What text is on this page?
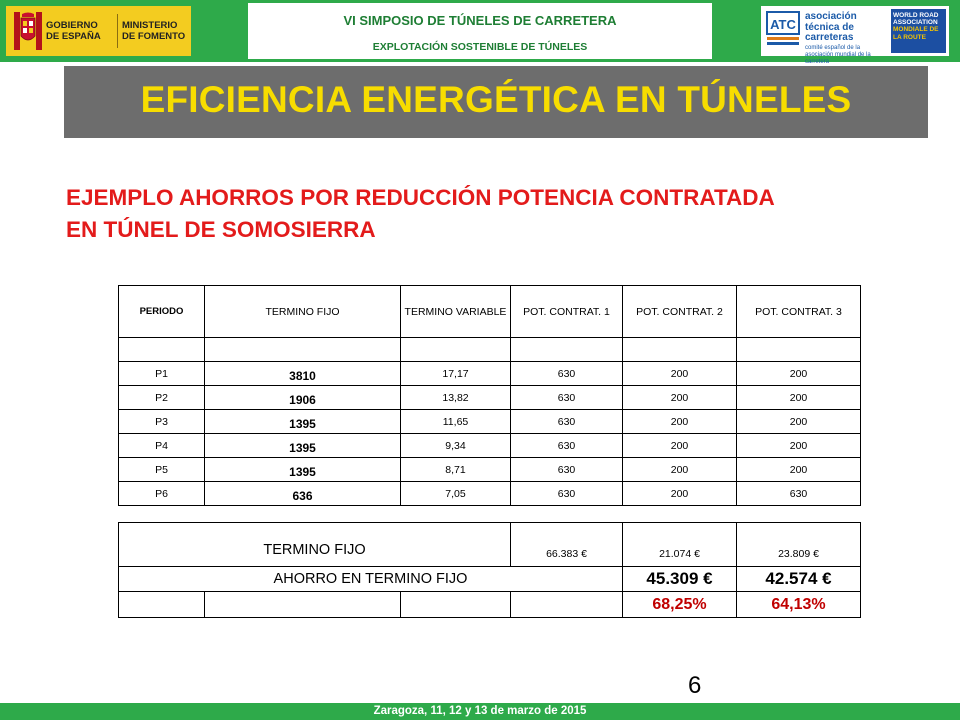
GOBIERNO DE ESPAÑA
MINISTERIO DE FOMENTO
VI SIMPOSIO DE TÚNELES DE CARRETERA
EXPLOTACIÓN SOSTENIBLE DE TÚNELES
ATC
asociación técnica de carreteras
comité español de la asociación mundial de la carretera
WORLD ROAD ASSOCIATION
MONDIALE DE LA ROUTE
EFICIENCIA ENERGÉTICA EN TÚNELES
EJEMPLO AHORROS POR REDUCCIÓN POTENCIA CONTRATADA
EN TÚNEL DE SOMOSIERRA
PERIODO	TERMINO FIJO	TERMINO VARIABLE	POT. CONTRAT. 1	POT. CONTRAT. 2	POT. CONTRAT. 3

P1	3810	17,17	630	200	200
P2	1906	13,82	630	200	200
P3	1395	11,65	630	200	200
P4	1395	9,34	630	200	200
P5	1395	8,71	630	200	200
P6	636	7,05	630	200	630
TERMINO FIJO			66.383 €	21.074 €	23.809 €
AHORRO EN TERMINO FIJO				45.309 €	42.574 €
				68,25%	64,13%
6
Zaragoza, 11, 12 y 13 de marzo de 2015
